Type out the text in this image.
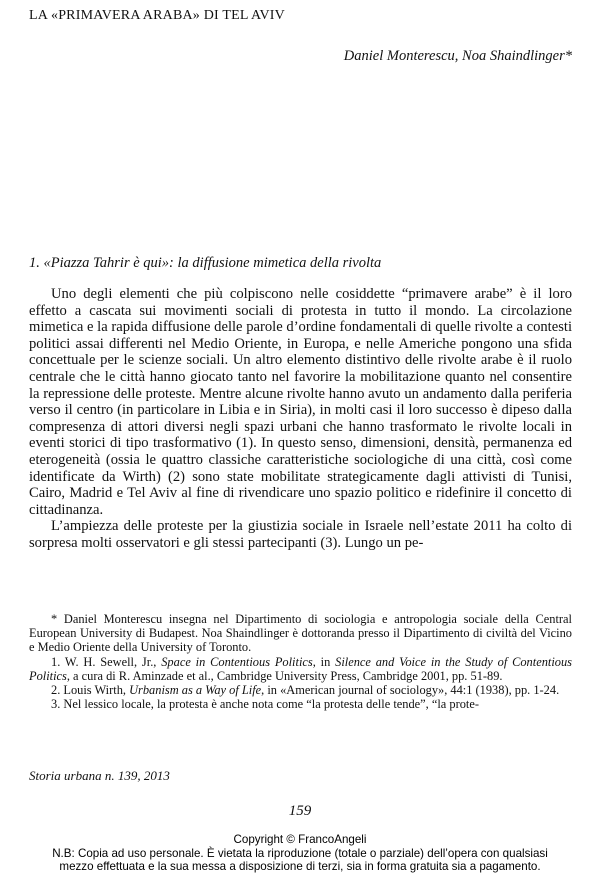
LA «PRIMAVERA ARABA» DI TEL AVIV
Daniel Monterescu, Noa Shaindlinger*
1. «Piazza Tahrir è qui»: la diffusione mimetica della rivolta

Uno degli elementi che più colpiscono nelle cosiddette “primavere arabe” è il loro effetto a cascata sui movimenti sociali di protesta in tutto il mondo. La circolazione mimetica e la rapida diffusione delle parole d’ordine fondamentali di quelle rivolte a contesti politici assai differenti nel Medio Oriente, in Europa, e nelle Americhe pongono una sfida concettuale per le scienze sociali. Un altro elemento distintivo delle rivolte arabe è il ruolo centrale che le città hanno giocato tanto nel favorire la mobilitazione quanto nel consentire la repressione delle proteste. Mentre alcune rivolte hanno avuto un andamento dalla periferia verso il centro (in particolare in Libia e in Siria), in molti casi il loro successo è dipeso dalla compresenza di attori diversi negli spazi urbani che hanno trasformato le rivolte locali in eventi storici di tipo trasformativo (1). In questo senso, dimensioni, densità, permanenza ed eterogeneità (ossia le quattro classiche caratteristiche sociologiche di una città, così come identificate da Wirth) (2) sono state mobilitate strategicamente dagli attivisti di Tunisi, Cairo, Madrid e Tel Aviv al fine di rivendicare uno spazio politico e ridefinire il concetto di cittadinanza.

L’ampiezza delle proteste per la giustizia sociale in Israele nell’estate 2011 ha colto di sorpresa molti osservatori e gli stessi partecipanti (3). Lungo un pe-

* Daniel Monterescu insegna nel Dipartimento di sociologia e antropologia sociale della Central European University di Budapest. Noa Shaindlinger è dottoranda presso il Dipartimento di civiltà del Vicino e Medio Oriente della University of Toronto.

1. W. H. Sewell, Jr., Space in Contentious Politics, in Silence and Voice in the Study of Contentious Politics, a cura di R. Aminzade et al., Cambridge University Press, Cambridge 2001, pp. 51-89.

2. Louis Wirth, Urbanism as a Way of Life, in «American journal of sociology», 44:1 (1938), pp. 1-24.

3. Nel lessico locale, la protesta è anche nota come “la protesta delle tende”, “la prote-

Storia urbana n. 139, 2013
159
Copyright © FrancoAngeli
N.B: Copia ad uso personale. È vietata la riproduzione (totale o parziale) dell’opera con qualsiasi
mezzo effettuata e la sua messa a disposizione di terzi, sia in forma gratuita sia a pagamento.
